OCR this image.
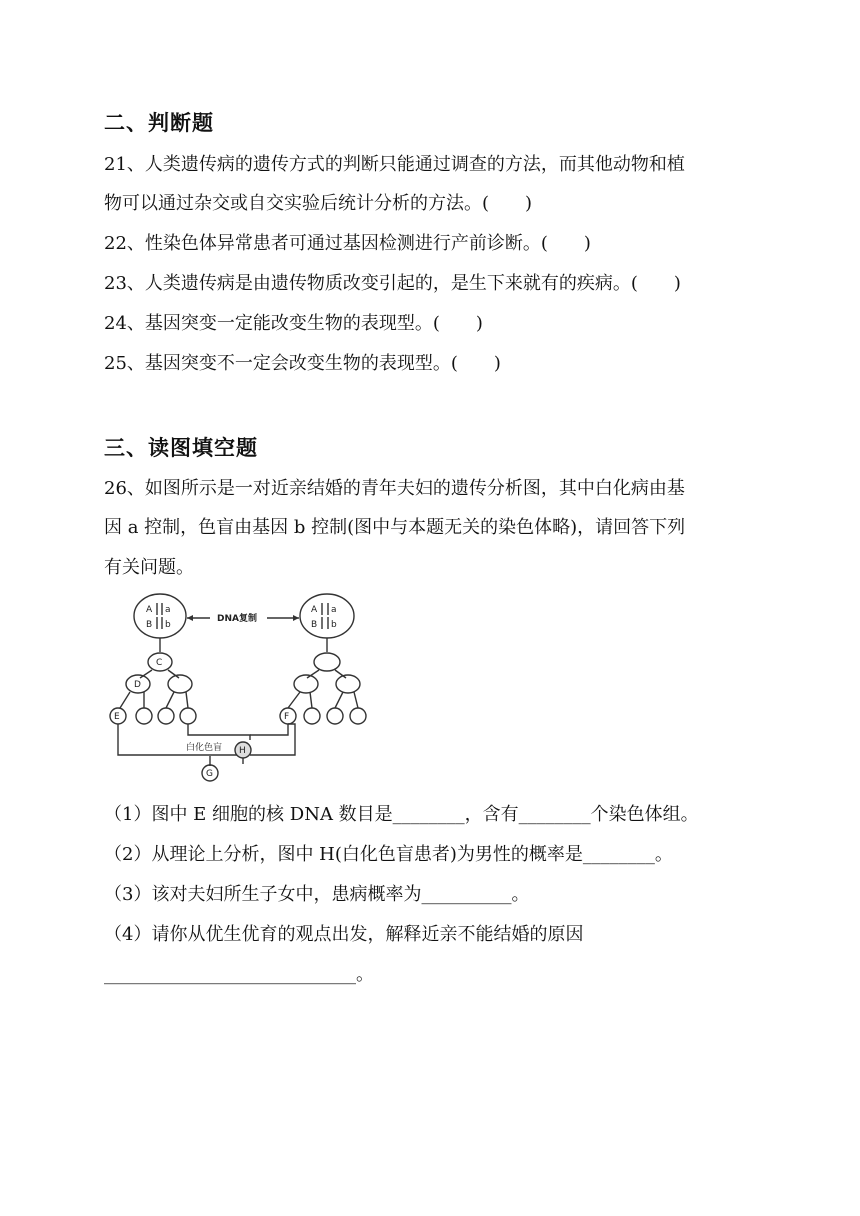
二、判断题
21、人类遗传病的遗传方式的判断只能通过调查的方法，而其他动物和植
物可以通过杂交或自交实验后统计分析的方法。(　　)
22、性染色体异常患者可通过基因检测进行产前诊断。(　　)
23、人类遗传病是由遗传物质改变引起的，是生下来就有的疾病。(　　)
24、基因突变一定能改变生物的表现型。(　　)
25、基因突变不一定会改变生物的表现型。(　　)
三、读图填空题
26、如图所示是一对近亲结婚的青年夫妇的遗传分析图，其中白化病由基
因 a 控制，色盲由基因 b 控制(图中与本题无关的染色体略)，请回答下列
有关问题。
A a
B b
A a
B b
DNA复制
C
D
E	F
白化色盲 H
G
（1）图中 E 细胞的核 DNA 数目是________，含有________个染色体组。
（2）从理论上分析，图中 H(白化色盲患者)为男性的概率是________。
（3）该对夫妇所生子女中，患病概率为__________。
（4）请你从优生优育的观点出发，解释近亲不能结婚的原因
____________________________。
